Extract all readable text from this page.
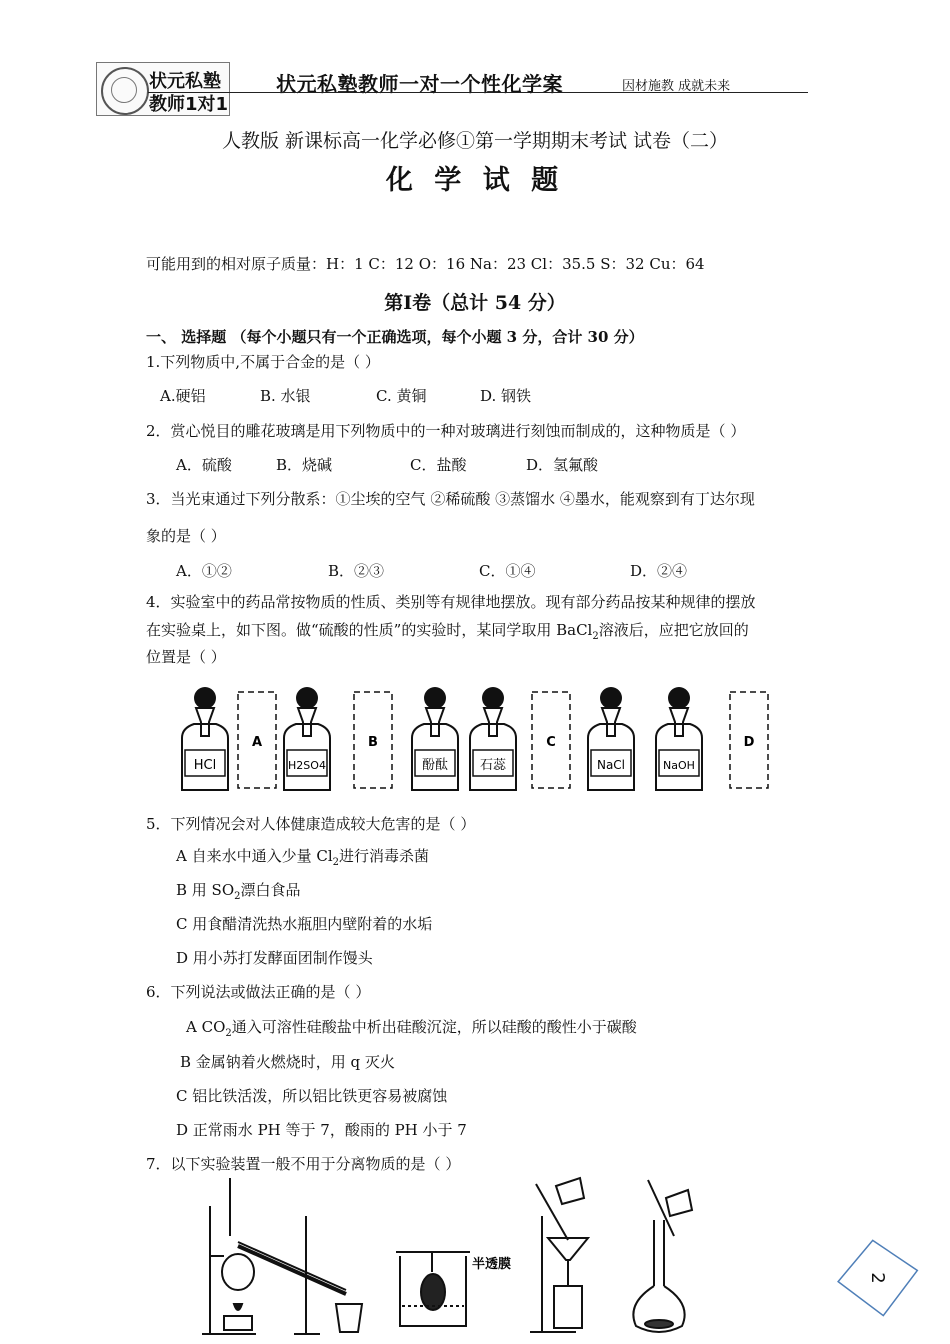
状元私塾
教师1对1
状元私塾教师一对一个性化学案	因材施教 成就未来
人教版 新课标高一化学必修①第一学期期末考试 试卷（二）
化 学 试 题
可能用到的相对原子质量：H：1 C：12 O：16 Na：23 Cl：35.5 S：32 Cu：64
第Ⅰ卷（总计 54 分）
一、 选择题 （每个小题只有一个正确选项，每个小题 3 分，合计 30 分）
1.下列物质中,不属于合金的是（ ）
A.硬铝	B. 水银	C. 黄铜	D. 钢铁
2．赏心悦目的雕花玻璃是用下列物质中的一种对玻璃进行刻蚀而制成的，这种物质是（ ）
A．硫酸	B．烧碱	C．盐酸	D．氢氟酸
3．当光束通过下列分散系：①尘埃的空气 ②稀硫酸 ③蒸馏水 ④墨水，能观察到有丁达尔现
象的是（ ）
A．①②	B．②③	C．①④	D．②④
4．实验室中的药品常按物质的性质、类别等有规律地摆放。现有部分药品按某种规律的摆放
在实验桌上，如下图。做“硫酸的性质”的实验时，某同学取用 BaCl$_2$溶液后，应把它放回的
位置是（ ）
HCl
A
H2SO4
B
酚酞 石蕊
C
NaCl	NaOH
D
5．下列情况会对人体健康造成较大危害的是（ ）
A 自来水中通入少量 $Cl_2$进行消毒杀菌
B 用 $SO_2$漂白食品
C 用食醋清洗热水瓶胆内壁附着的水垢
D 用小苏打发酵面团制作馒头
6．下列说法或做法正确的是（ ）
A $CO_2$通入可溶性硅酸盐中析出硅酸沉淀，所以硅酸的酸性小于碳酸
B 金属钠着火燃烧时，用 q 灭火
C 铝比铁活泼，所以铝比铁更容易被腐蚀
D 正常雨水 PH 等于 7，酸雨的 PH 小于 7
7．以下实验装置一般不用于分离物质的是（ ）
半透膜
2
